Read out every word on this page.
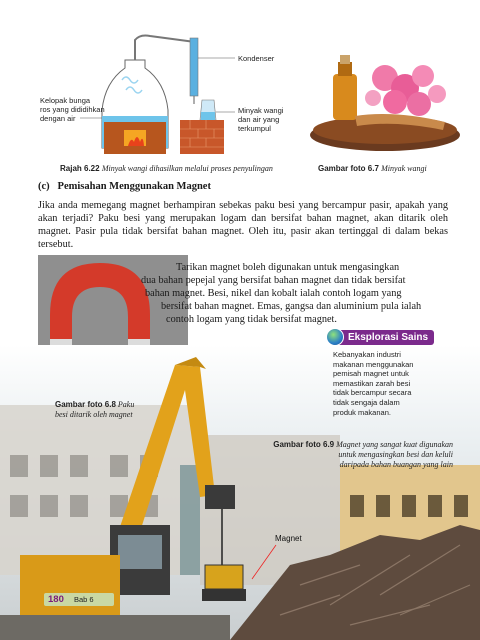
Kondenser
Kelopak bunga
ros yang dididihkan
dengan air
Minyak wangi
dan air yang
terkumpul
Rajah 6.22 Minyak wangi dihasilkan melalui proses penyulingan	Gambar foto 6.7 Minyak wangi
(c) Pemisahan Menggunakan Magnet
Jika anda memegang magnet berhampiran sebekas paku besi yang bercampur pasir, apakah yang akan terjadi? Paku besi yang merupakan logam dan bersifat bahan magnet, akan ditarik oleh magnet. Pasir pula tidak bersifat bahan magnet. Oleh itu, pasir akan tertinggal di dalam bekas tersebut.
Tarikan magnet boleh digunakan untuk mengasingkan
dua bahan pepejal yang bersifat bahan magnet dan tidak bersifat
bahan magnet. Besi, nikel dan kobalt ialah contoh logam yang
bersifat bahan magnet. Emas, gangsa dan aluminium pula ialah
contoh logam yang tidak bersifat magnet.
Gambar foto 6.8 Paku
besi ditarik oleh magnet
Eksplorasi Sains
Kebanyakan industri
makanan menggunakan
pemisah magnet untuk
memastikan zarah besi
tidak bercampur secara
tidak sengaja dalam
produk makanan.
Gambar foto 6.9 Magnet yang sangat kuat digunakan
untuk mengasingkan besi dan keluli
daripada bahan buangan yang lain
Magnet
180 Bab 6
